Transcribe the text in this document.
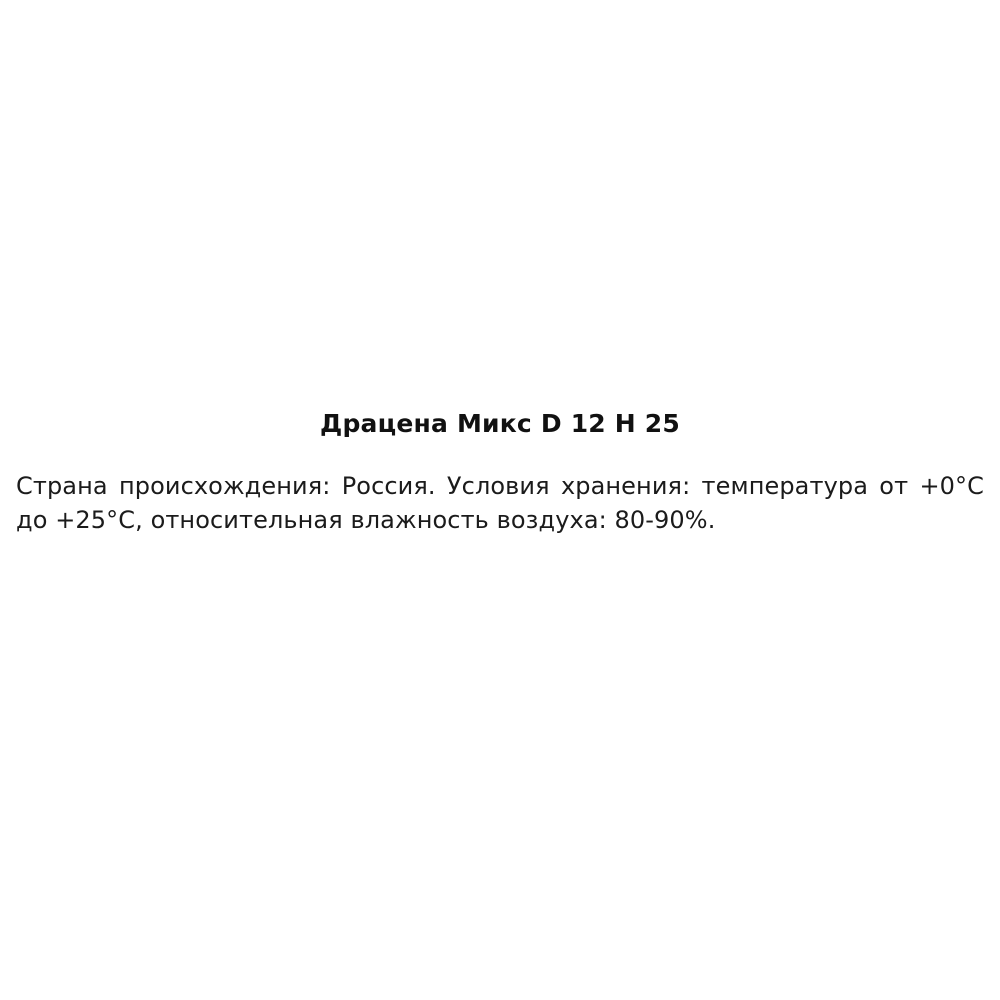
Драцена Микс D 12 H 25

Страна происхождения: Россия. Условия хранения: температура от +0°C до +25°C, относительная влажность воздуха: 80-90%.
